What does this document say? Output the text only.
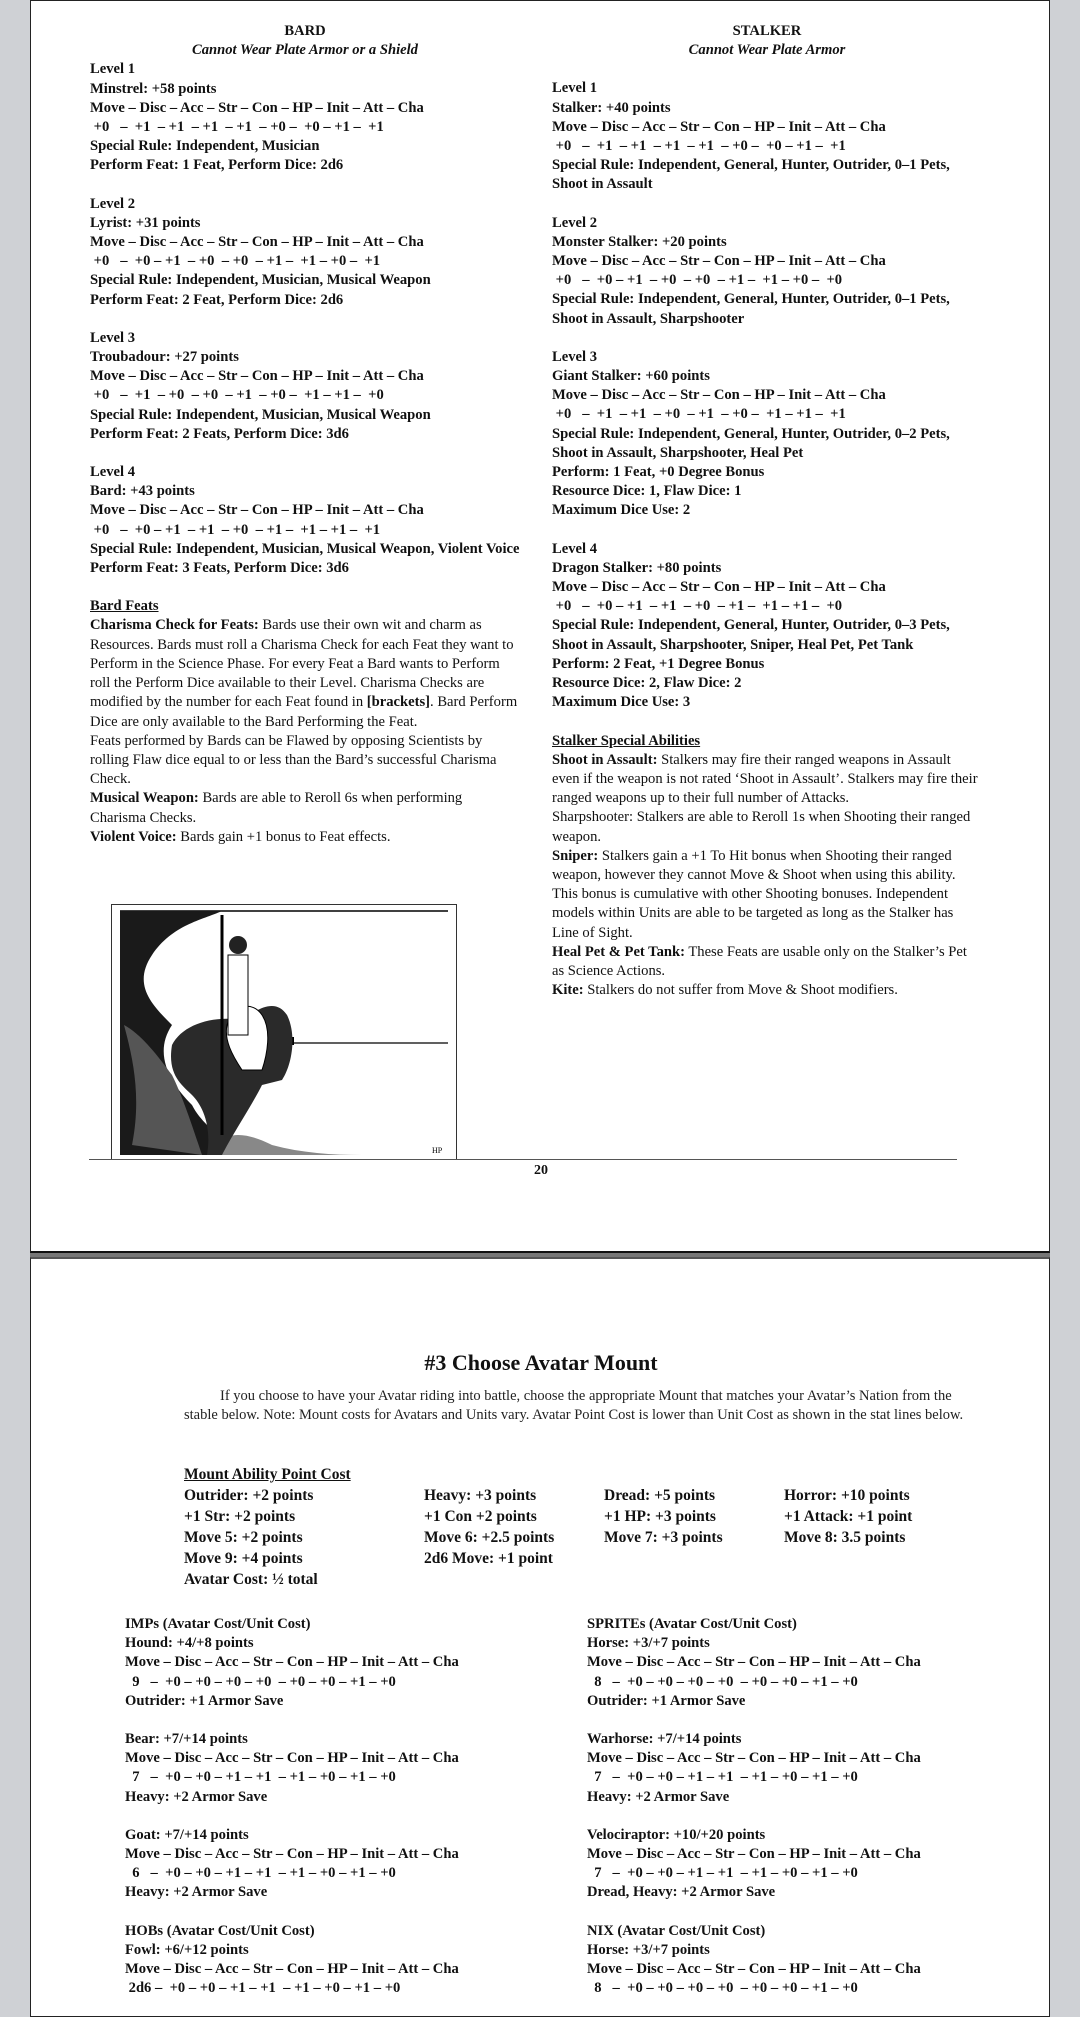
BARD
Cannot Wear Plate Armor or a Shield
Level 1
Minstrel: +58 points
Move – Disc – Acc – Str – Con – HP – Init – Att – Cha
+0   –  +1  – +1  – +1  – +1  – +0 –  +0 – +1 –  +1
Special Rule: Independent, Musician
Perform Feat: 1 Feat, Perform Dice: 2d6
Level 2
Lyrist: +31 points
Move – Disc – Acc – Str – Con – HP – Init – Att – Cha
+0   –  +0 – +1  – +0  – +0  – +1 –  +1 – +0 –  +1
Special Rule: Independent, Musician, Musical Weapon
Perform Feat: 2 Feat, Perform Dice: 2d6
Level 3
Troubadour: +27 points
Move – Disc – Acc – Str – Con – HP – Init – Att – Cha
+0   –  +1  – +0  – +0  – +1  – +0 –  +1 – +1 –  +0
Special Rule: Independent, Musician, Musical Weapon
Perform Feat: 2 Feats, Perform Dice: 3d6
Level 4
Bard: +43 points
Move – Disc – Acc – Str – Con – HP – Init – Att – Cha
+0   –  +0 – +1  – +1  – +0  – +1 –  +1 – +1 –  +1
Special Rule: Independent, Musician, Musical Weapon, Violent Voice
Perform Feat: 3 Feats, Perform Dice: 3d6
Bard Feats
Charisma Check for Feats: Bards use their own wit and charm as Resources. Bards must roll a Charisma Check for each Feat they want to Perform in the Science Phase. For every Feat a Bard wants to Perform roll the Perform Dice available to their Level. Charisma Checks are modified by the number for each Feat found in [brackets]. Bard Perform Dice are only available to the Bard Performing the Feat.
Feats performed by Bards can be Flawed by opposing Scientists by rolling Flaw dice equal to or less than the Bard’s successful Charisma Check.
Musical Weapon: Bards are able to Reroll 6s when performing Charisma Checks.
Violent Voice: Bards gain +1 bonus to Feat effects.
HP
STALKER
Cannot Wear Plate Armor
Level 1
Stalker: +40 points
Move – Disc – Acc – Str – Con – HP – Init – Att – Cha
+0   –  +1  – +1  – +1  – +1  – +0 –  +0 – +1 –  +1
Special Rule: Independent, General, Hunter, Outrider, 0–1 Pets, Shoot in Assault
Level 2
Monster Stalker: +20 points
Move – Disc – Acc – Str – Con – HP – Init – Att – Cha
+0   –  +0 – +1  – +0  – +0  – +1 –  +1 – +0 –  +0
Special Rule: Independent, General, Hunter, Outrider, 0–1 Pets, Shoot in Assault, Sharpshooter
Level 3
Giant Stalker: +60 points
Move – Disc – Acc – Str – Con – HP – Init – Att – Cha
+0   –  +1  – +1  – +0  – +1  – +0 –  +1 – +1 –  +1
Special Rule: Independent, General, Hunter, Outrider, 0–2 Pets, Shoot in Assault, Sharpshooter, Heal Pet
Perform: 1 Feat, +0 Degree Bonus
Resource Dice: 1, Flaw Dice: 1
Maximum Dice Use: 2
Level 4
Dragon Stalker: +80 points
Move – Disc – Acc – Str – Con – HP – Init – Att – Cha
+0   –  +0 – +1  – +1  – +0  – +1 –  +1 – +1 –  +0
Special Rule: Independent, General, Hunter, Outrider, 0–3 Pets, Shoot in Assault, Sharpshooter, Sniper, Heal Pet, Pet Tank
Perform: 2 Feat, +1 Degree Bonus
Resource Dice: 2, Flaw Dice: 2
Maximum Dice Use: 3
Stalker Special Abilities
Shoot in Assault: Stalkers may fire their ranged weapons in Assault even if the weapon is not rated ‘Shoot in Assault’. Stalkers may fire their ranged weapons up to their full number of Attacks.
Sharpshooter: Stalkers are able to Reroll 1s when Shooting their ranged weapon.
Sniper: Stalkers gain a +1 To Hit bonus when Shooting their ranged weapon, however they cannot Move & Shoot when using this ability. This bonus is cumulative with other Shooting bonuses. Independent models within Units are able to be targeted as long as the Stalker has Line of Sight.
Heal Pet & Pet Tank: These Feats are usable only on the Stalker’s Pet as Science Actions.
Kite: Stalkers do not suffer from Move & Shoot modifiers.
20
#3 Choose Avatar Mount
If you choose to have your Avatar riding into battle, choose the appropriate Mount that matches your Avatar’s Nation from the stable below. Note: Mount costs for Avatars and Units vary. Avatar Point Cost is lower than Unit Cost as shown in the stat lines below.
Mount Ability Point Cost
Outrider: +2 points	Heavy: +3 points	Dread: +5 points	Horror: +10 points
+1 Str: +2 points	+1 Con +2 points	+1 HP: +3 points	+1 Attack: +1 point
Move 5: +2 points	Move 6: +2.5 points	Move 7: +3 points	Move 8: 3.5 points
Move 9: +4 points	2d6 Move: +1 point
Avatar Cost: ½ total
IMPs (Avatar Cost/Unit Cost)
Hound: +4/+8 points
Move – Disc – Acc – Str – Con – HP – Init – Att – Cha
9   –  +0 – +0 – +0 – +0  – +0 – +0 – +1 – +0
Outrider: +1 Armor Save
Bear: +7/+14 points
Move – Disc – Acc – Str – Con – HP – Init – Att – Cha
7   –  +0 – +0 – +1 – +1  – +1 – +0 – +1 – +0
Heavy: +2 Armor Save
Goat: +7/+14 points
Move – Disc – Acc – Str – Con – HP – Init – Att – Cha
6   –  +0 – +0 – +1 – +1  – +1 – +0 – +1 – +0
Heavy: +2 Armor Save
HOBs (Avatar Cost/Unit Cost)
Fowl: +6/+12 points
Move – Disc – Acc – Str – Con – HP – Init – Att – Cha
2d6 –  +0 – +0 – +1 – +1  – +1 – +0 – +1 – +0
SPRITEs (Avatar Cost/Unit Cost)
Horse: +3/+7 points
Move – Disc – Acc – Str – Con – HP – Init – Att – Cha
8   –  +0 – +0 – +0 – +0  – +0 – +0 – +1 – +0
Outrider: +1 Armor Save
Warhorse: +7/+14 points
Move – Disc – Acc – Str – Con – HP – Init – Att – Cha
7   –  +0 – +0 – +1 – +1  – +1 – +0 – +1 – +0
Heavy: +2 Armor Save
Velociraptor: +10/+20 points
Move – Disc – Acc – Str – Con – HP – Init – Att – Cha
7   –  +0 – +0 – +1 – +1  – +1 – +0 – +1 – +0
Dread, Heavy: +2 Armor Save
NIX (Avatar Cost/Unit Cost)
Horse: +3/+7 points
Move – Disc – Acc – Str – Con – HP – Init – Att – Cha
8   –  +0 – +0 – +0 – +0  – +0 – +0 – +1 – +0
